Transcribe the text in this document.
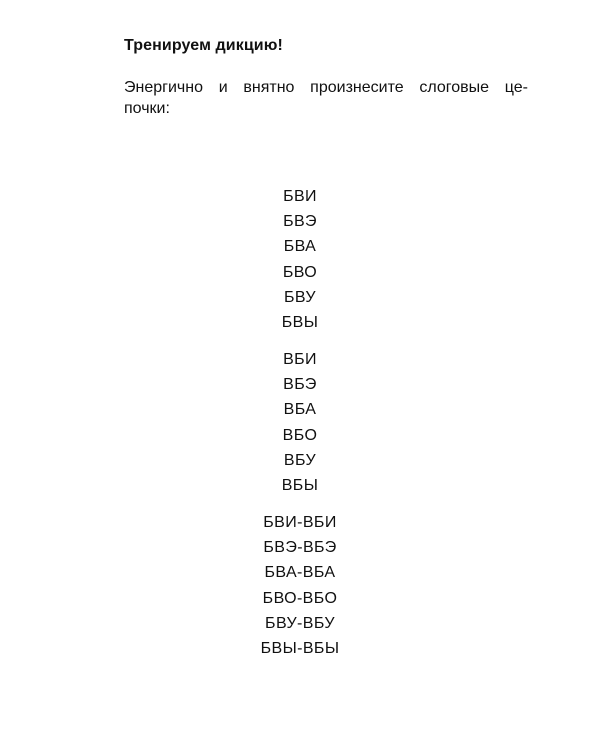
Тренируем дикцию!

Энергично и внятно произнесите слоговые це-
почки:

БВИ
БВЭ
БВА
БВО
БВУ
БВЫ
ВБИ
ВБЭ
ВБА
ВБО
ВБУ
ВБЫ
БВИ-ВБИ
БВЭ-ВБЭ
БВА-ВБА
БВО-ВБО
БВУ-ВБУ
БВЫ-ВБЫ
